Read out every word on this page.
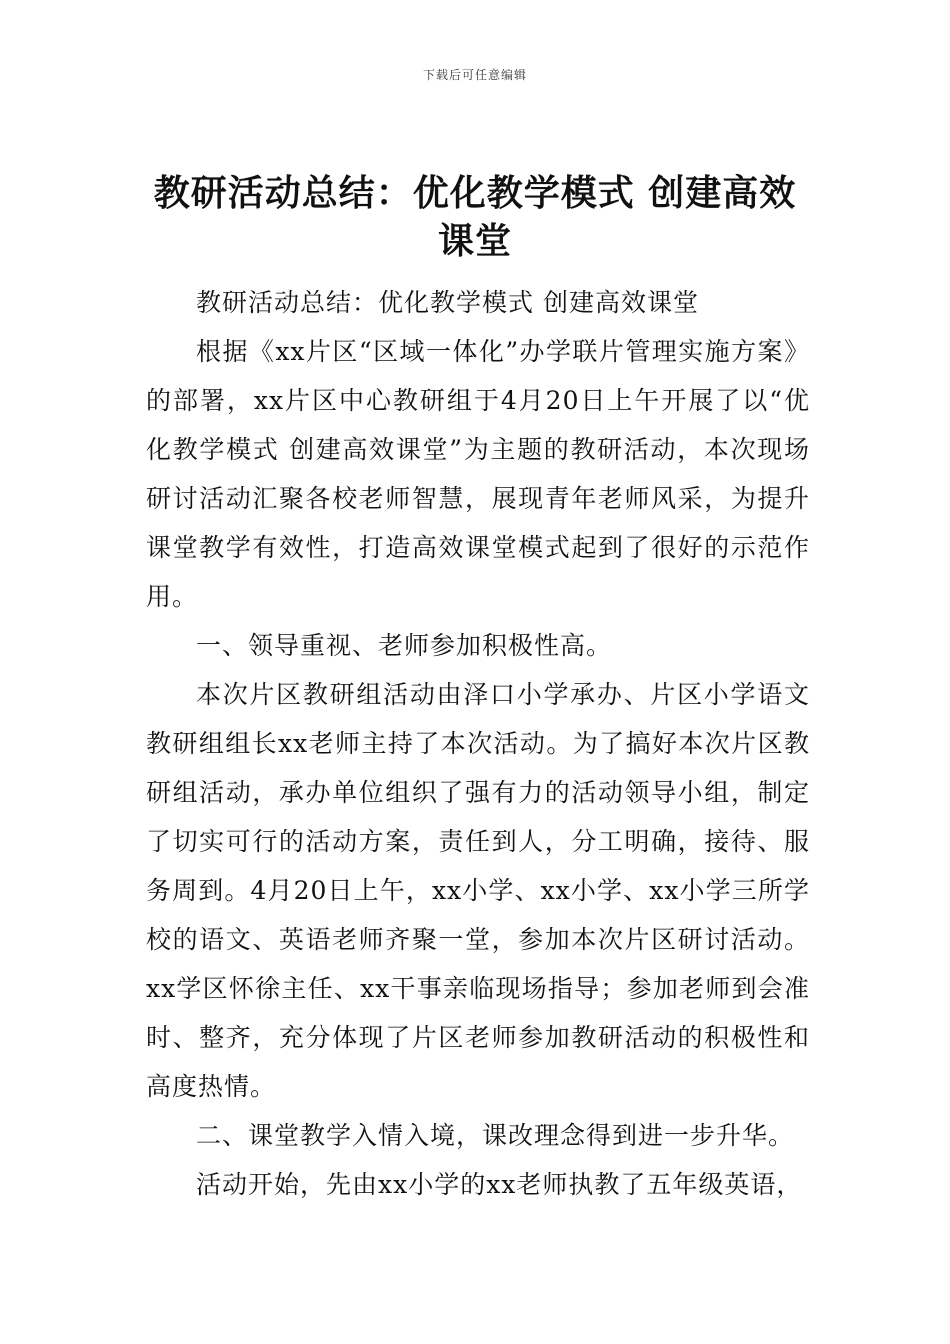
下载后可任意编辑
教研活动总结：优化教学模式 创建高效课堂

教研活动总结：优化教学模式 创建高效课堂

根据《xx片区“区域一体化”办学联片管理实施方案》的部署，xx片区中心教研组于4月20日上午开展了以“优化教学模式 创建高效课堂”为主题的教研活动，本次现场研讨活动汇聚各校老师智慧，展现青年老师风采，为提升课堂教学有效性，打造高效课堂模式起到了很好的示范作用。

一、领导重视、老师参加积极性高。

本次片区教研组活动由泽口小学承办、片区小学语文教研组组长xx老师主持了本次活动。为了搞好本次片区教研组活动，承办单位组织了强有力的活动领导小组，制定了切实可行的活动方案，责任到人，分工明确，接待、服务周到。4月20日上午，xx小学、xx小学、xx小学三所学校的语文、英语老师齐聚一堂，参加本次片区研讨活动。xx学区怀徐主任、xx干事亲临现场指导；参加老师到会准时、整齐，充分体现了片区老师参加教研活动的积极性和高度热情。

二、课堂教学入情入境，课改理念得到进一步升华。

活动开始，先由xx小学的xx老师执教了五年级英语，
